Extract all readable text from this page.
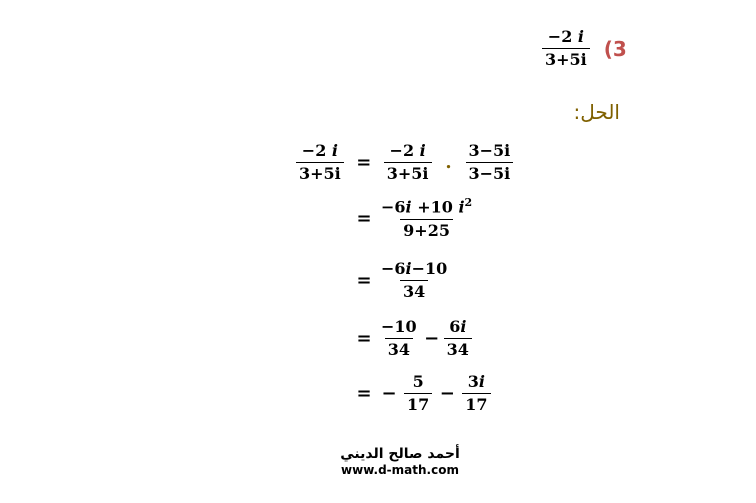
$\frac{-2 i}{3+5i} (3$
الحل:
$\frac{-2 i}{3+5i} = \frac{-2 i}{3+5i}$ . $\frac{3-5i}{3-5i}$
= $\frac{-6i +10 i^2}{9+25}$
= $\frac{-6i-10}{34}$
= $\frac{-10}{34} - \frac{6i}{34}$
= − $\frac{5}{17} - \frac{3i}{17}$
أحمد صالح الديني
www.d-math.com
